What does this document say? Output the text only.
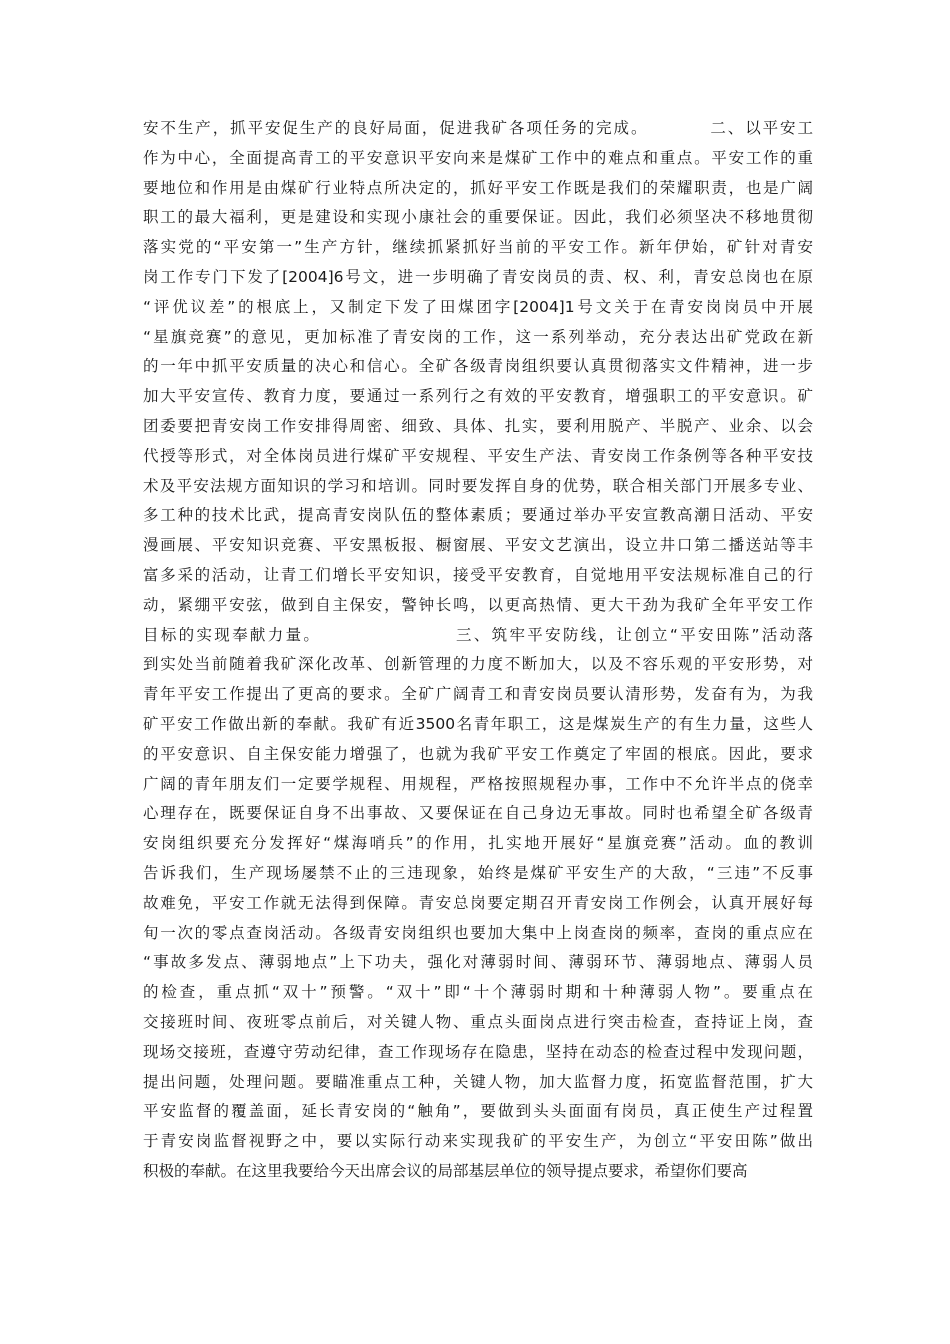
安不生产，抓平安促生产的良好局面，促进我矿各项任务的完成。　　　　二、以平安工
作为中心，全面提高青工的平安意识平安向来是煤矿工作中的难点和重点。平安工作的重
要地位和作用是由煤矿行业特点所决定的，抓好平安工作既是我们的荣耀职责，也是广阔
职工的最大福利，更是建设和实现小康社会的重要保证。因此，我们必须坚决不移地贯彻
落实党的“平安第一”生产方针，继续抓紧抓好当前的平安工作。新年伊始，矿针对青安
岗工作专门下发了[2004]6号文，进一步明确了青安岗员的责、权、利，青安总岗也在原
“评优议差”的根底上，又制定下发了田煤团字[2004]1号文关于在青安岗岗员中开展
“星旗竞赛”的意见，更加标准了青安岗的工作，这一系列举动，充分表达出矿党政在新
的一年中抓平安质量的决心和信心。全矿各级青岗组织要认真贯彻落实文件精神，进一步
加大平安宣传、教育力度，要通过一系列行之有效的平安教育，增强职工的平安意识。矿
团委要把青安岗工作安排得周密、细致、具体、扎实，要利用脱产、半脱产、业余、以会
代授等形式，对全体岗员进行煤矿平安规程、平安生产法、青安岗工作条例等各种平安技
术及平安法规方面知识的学习和培训。同时要发挥自身的优势，联合相关部门开展多专业、
多工种的技术比武，提高青安岗队伍的整体素质；要通过举办平安宣教高潮日活动、平安
漫画展、平安知识竞赛、平安黑板报、橱窗展、平安文艺演出，设立井口第二播送站等丰
富多采的活动，让青工们增长平安知识，接受平安教育，自觉地用平安法规标准自己的行
动，紧绷平安弦，做到自主保安，警钟长鸣，以更高热情、更大干劲为我矿全年平安工作
目标的实现奉献力量。　　　　　　　　三、筑牢平安防线，让创立“平安田陈”活动落
到实处当前随着我矿深化改革、创新管理的力度不断加大，以及不容乐观的平安形势，对
青年平安工作提出了更高的要求。全矿广阔青工和青安岗员要认清形势，发奋有为，为我
矿平安工作做出新的奉献。我矿有近3500名青年职工，这是煤炭生产的有生力量，这些人
的平安意识、自主保安能力增强了，也就为我矿平安工作奠定了牢固的根底。因此，要求
广阔的青年朋友们一定要学规程、用规程，严格按照规程办事，工作中不允许半点的侥幸
心理存在，既要保证自身不出事故、又要保证在自己身边无事故。同时也希望全矿各级青
安岗组织要充分发挥好“煤海哨兵”的作用，扎实地开展好“星旗竞赛”活动。血的教训
告诉我们，生产现场屡禁不止的三违现象，始终是煤矿平安生产的大敌，“三违”不反事
故难免，平安工作就无法得到保障。青安总岗要定期召开青安岗工作例会，认真开展好每
旬一次的零点查岗活动。各级青安岗组织也要加大集中上岗查岗的频率，查岗的重点应在
“事故多发点、薄弱地点”上下功夫，强化对薄弱时间、薄弱环节、薄弱地点、薄弱人员
的检查，重点抓“双十”预警。“双十”即“十个薄弱时期和十种薄弱人物”。要重点在
交接班时间、夜班零点前后，对关键人物、重点头面岗点进行突击检查，查持证上岗，查
现场交接班，查遵守劳动纪律，查工作现场存在隐患，坚持在动态的检查过程中发现问题，
提出问题，处理问题。要瞄准重点工种，关键人物，加大监督力度，拓宽监督范围，扩大
平安监督的覆盖面，延长青安岗的“触角”，要做到头头面面有岗员，真正使生产过程置
于青安岗监督视野之中，要以实际行动来实现我矿的平安生产，为创立“平安田陈”做出
积极的奉献。在这里我要给今天出席会议的局部基层单位的领导提点要求，希望你们要高
